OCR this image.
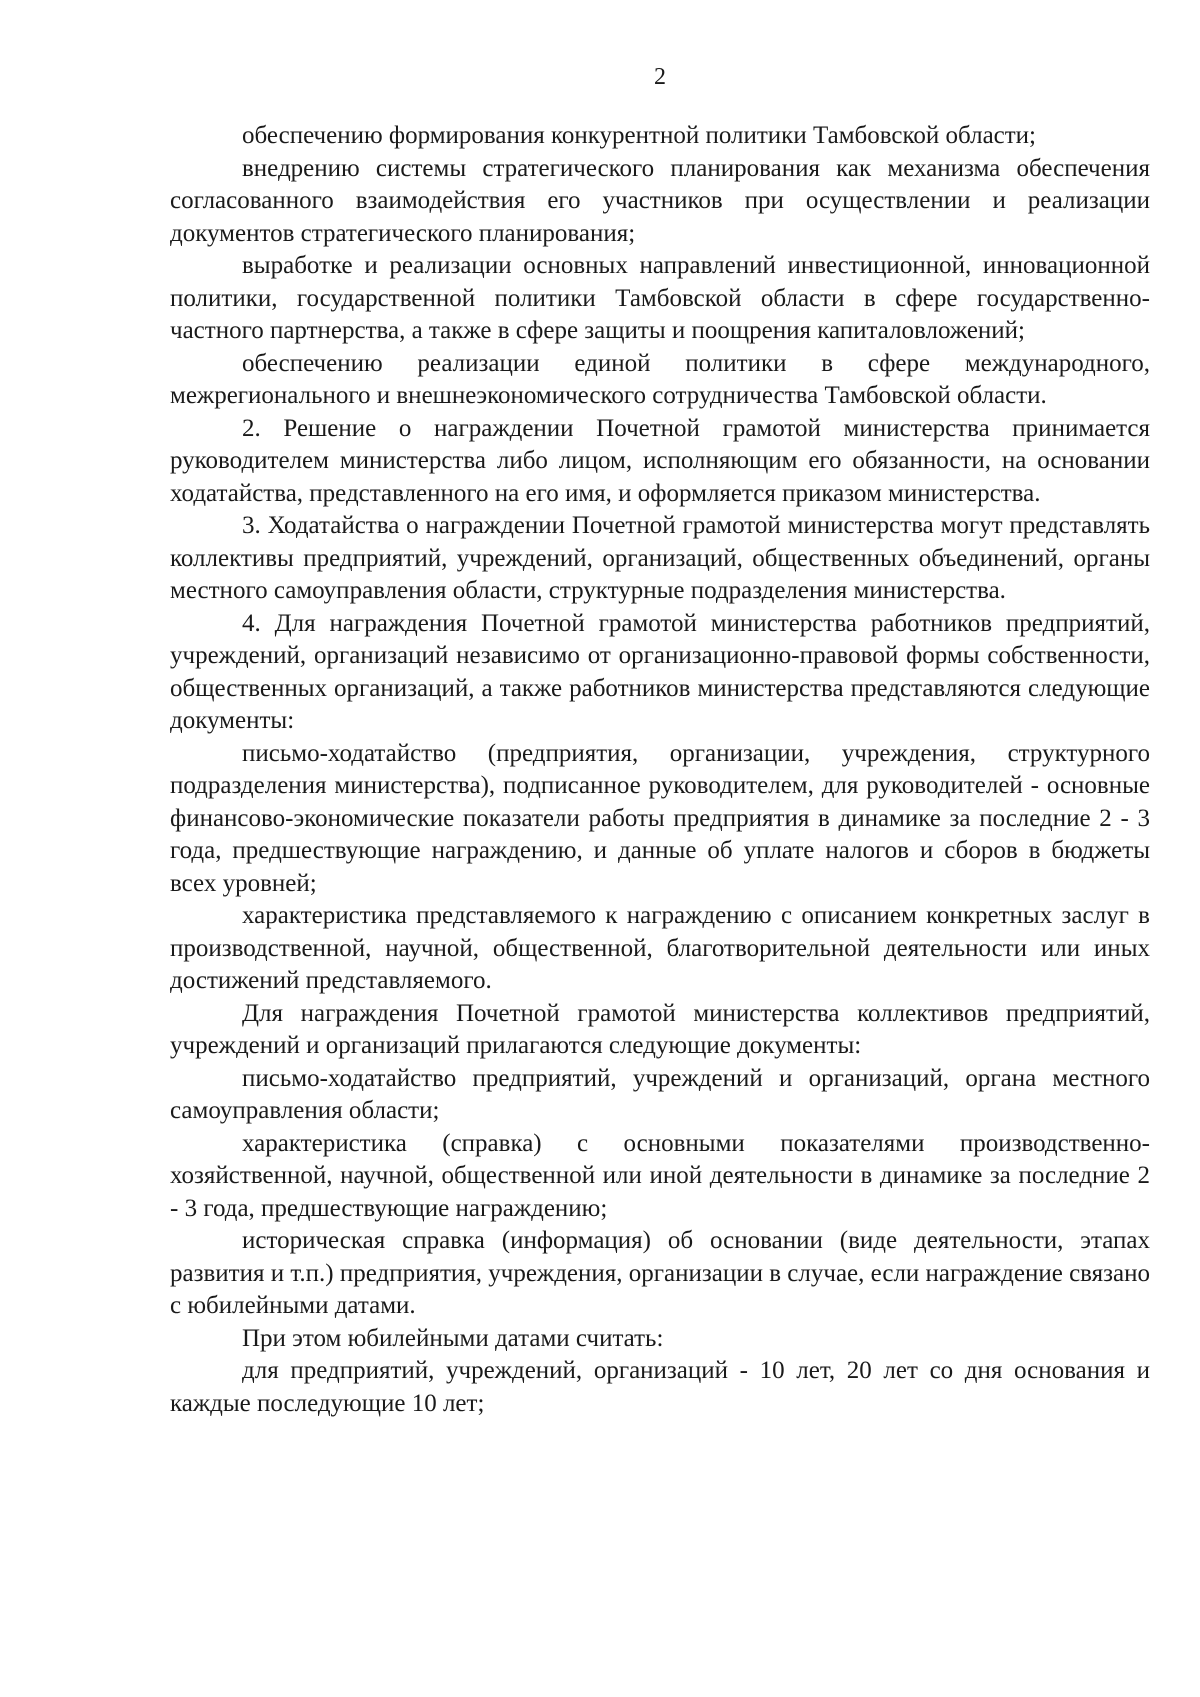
2

обеспечению формирования конкурентной политики Тамбовской области;

внедрению системы стратегического планирования как механизма обеспечения согласованного взаимодействия его участников при осуществлении и реализации документов стратегического планирования;

выработке и реализации основных направлений инвестиционной, инновационной политики, государственной политики Тамбовской области в сфере государственно-частного партнерства, а также в сфере защиты и поощрения капиталовложений;

обеспечению реализации единой политики в сфере международного, межрегионального и внешнеэкономического сотрудничества Тамбовской области.

2. Решение о награждении Почетной грамотой министерства принимается руководителем министерства либо лицом, исполняющим его обязанности, на основании ходатайства, представленного на его имя, и оформляется приказом министерства.

3. Ходатайства о награждении Почетной грамотой министерства могут представлять коллективы предприятий, учреждений, организаций, общественных объединений, органы местного самоуправления области, структурные подразделения министерства.

4. Для награждения Почетной грамотой министерства работников предприятий, учреждений, организаций независимо от организационно-правовой формы собственности, общественных организаций, а также работников министерства представляются следующие документы:

письмо-ходатайство (предприятия, организации, учреждения, структурного подразделения министерства), подписанное руководителем, для руководителей - основные финансово-экономические показатели работы предприятия в динамике за последние 2 - 3 года, предшествующие награждению, и данные об уплате налогов и сборов в бюджеты всех уровней;

характеристика представляемого к награждению с описанием конкретных заслуг в производственной, научной, общественной, благотворительной деятельности или иных достижений представляемого.

Для награждения Почетной грамотой министерства коллективов предприятий, учреждений и организаций прилагаются следующие документы:

письмо-ходатайство предприятий, учреждений и организаций, органа местного самоуправления области;

характеристика (справка) с основными показателями производственно-хозяйственной, научной, общественной или иной деятельности в динамике за последние 2 - 3 года, предшествующие награждению;

историческая справка (информация) об основании (виде деятельности, этапах развития и т.п.) предприятия, учреждения, организации в случае, если награждение связано с юбилейными датами.

При этом юбилейными датами считать:

для предприятий, учреждений, организаций - 10 лет, 20 лет со дня основания и каждые последующие 10 лет;
